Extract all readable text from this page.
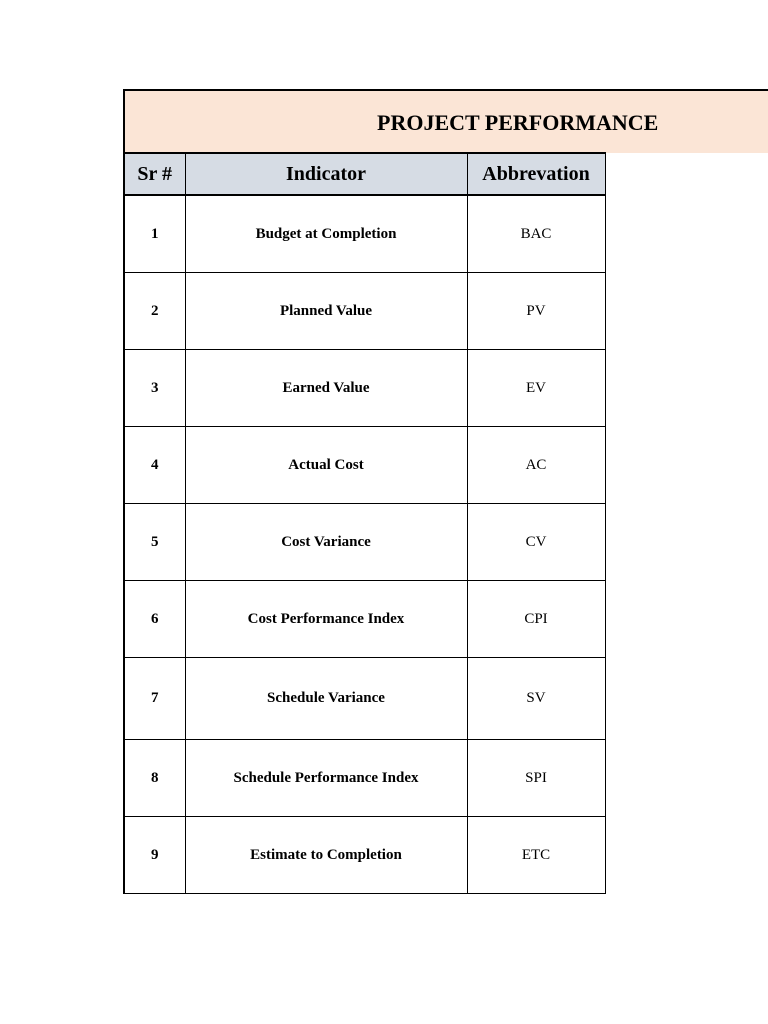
PROJECT PERFORMANCE
Sr #	Indicator	Abbrevation
1	Budget at Completion	BAC
2	Planned Value	PV
3	Earned Value	EV
4	Actual Cost	AC
5	Cost Variance	CV
6	Cost Performance Index	CPI
7	Schedule Variance	SV
8	Schedule Performance Index	SPI
9	Estimate to Completion	ETC
